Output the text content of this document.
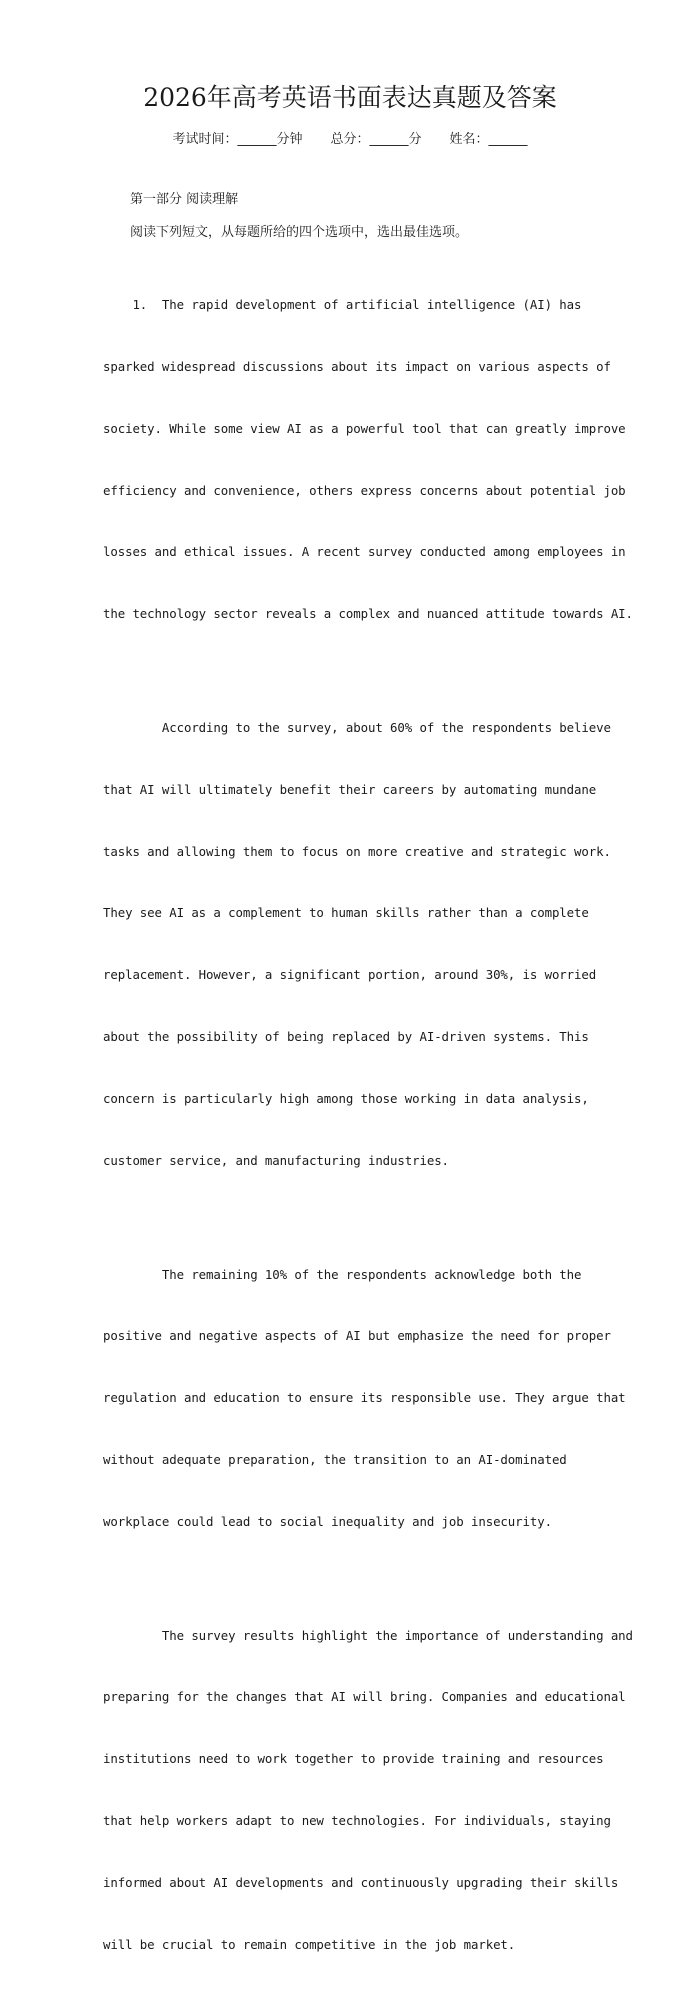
2026年高考英语书面表达真题及答案
考试时间：______分钟 总分：______分 姓名：______
第一部分 阅读理解
阅读下列短文，从每题所给的四个选项中，选出最佳选项。

1.  The rapid development of artificial intelligence (AI) has

sparked widespread discussions about its impact on various aspects of

society. While some view AI as a powerful tool that can greatly improve

efficiency and convenience, others express concerns about potential job

losses and ethical issues. A recent survey conducted among employees in

the technology sector reveals a complex and nuanced attitude towards AI.

According to the survey, about 60% of the respondents believe

that AI will ultimately benefit their careers by automating mundane

tasks and allowing them to focus on more creative and strategic work.

They see AI as a complement to human skills rather than a complete

replacement. However, a significant portion, around 30%, is worried

about the possibility of being replaced by AI-driven systems. This

concern is particularly high among those working in data analysis,

customer service, and manufacturing industries.

The remaining 10% of the respondents acknowledge both the

positive and negative aspects of AI but emphasize the need for proper

regulation and education to ensure its responsible use. They argue that

without adequate preparation, the transition to an AI-dominated

workplace could lead to social inequality and job insecurity.

The survey results highlight the importance of understanding and

preparing for the changes that AI will bring. Companies and educational

institutions need to work together to provide training and resources

that help workers adapt to new technologies. For individuals, staying

informed about AI developments and continuously upgrading their skills

will be crucial to remain competitive in the job market.
